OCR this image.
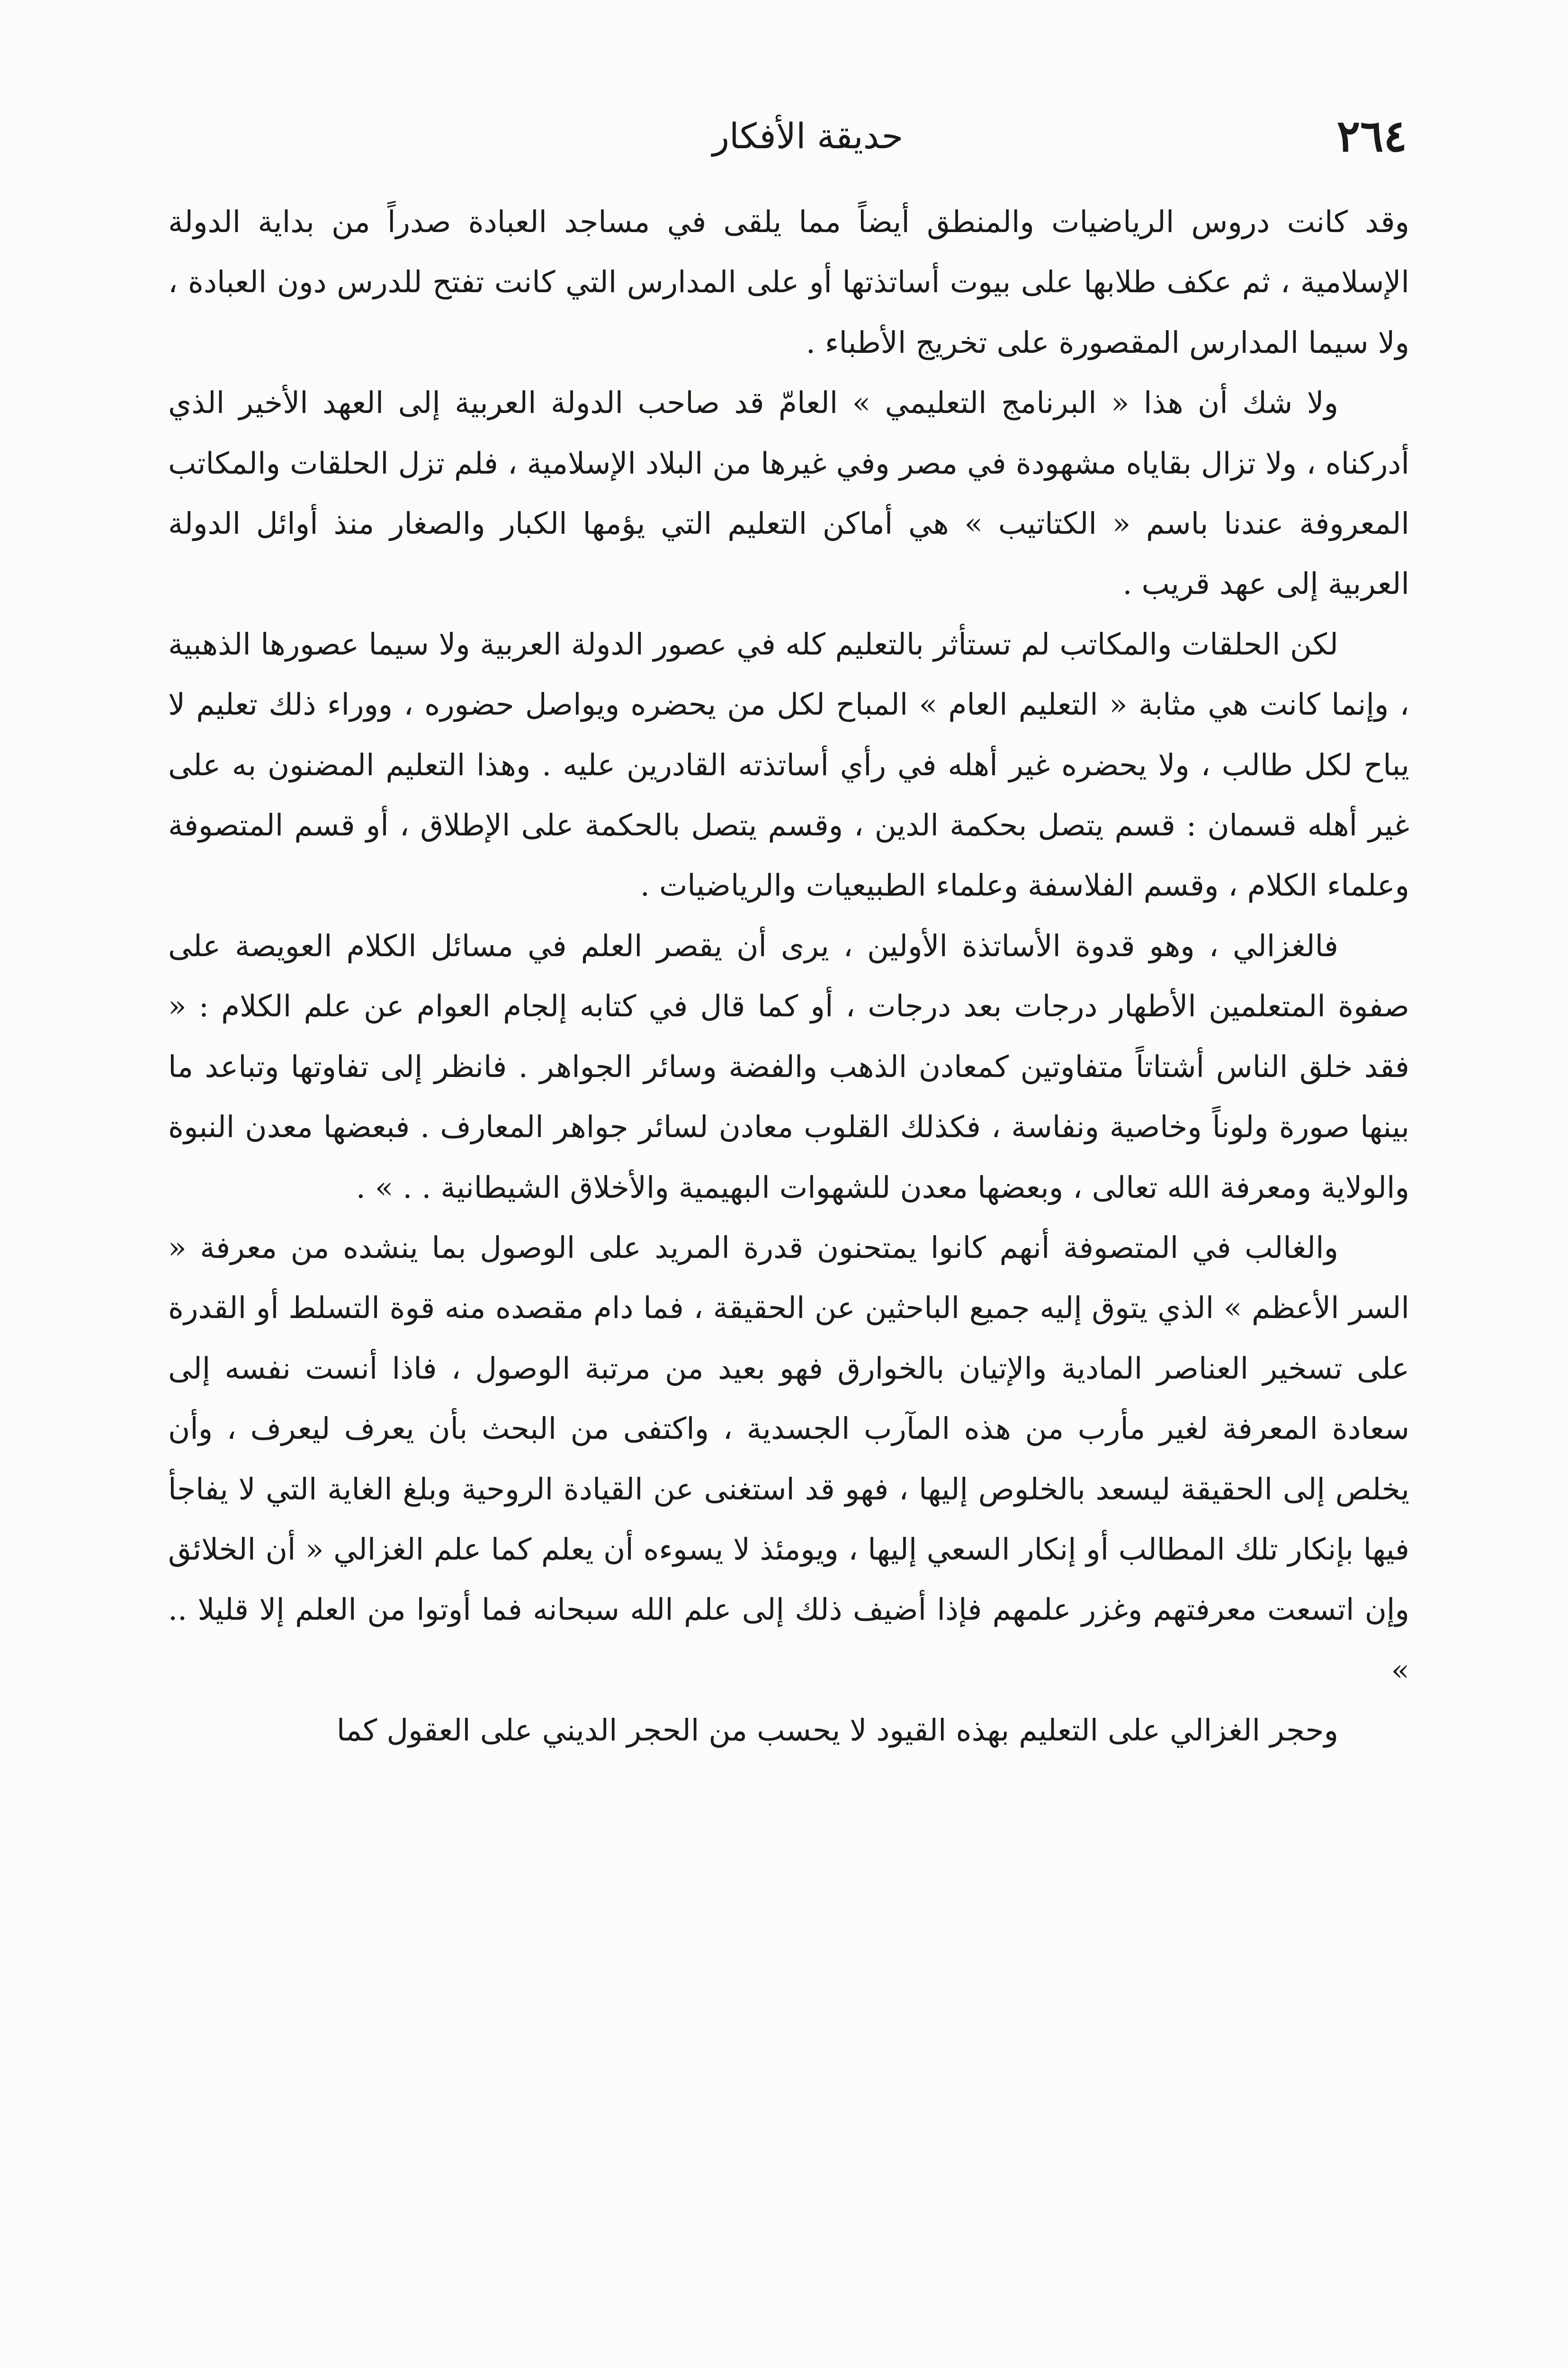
٢٦٤
حديقة الأفكار

وقد كانت دروس الرياضيات والمنطق أيضاً مما يلقى في مساجد العبادة صدراً من بداية الدولة الإسلامية ، ثم عكف طلابها على بيوت أساتذتها أو على المدارس التي كانت تفتح للدرس دون العبادة ، ولا سيما المدارس المقصورة على تخريج الأطباء .

ولا شك أن هذا « البرنامج التعليمي » العامّ قد صاحب الدولة العربية إلى العهد الأخير الذي أدركناه ، ولا تزال بقاياه مشهودة في مصر وفي غيرها من البلاد الإسلامية ، فلم تزل الحلقات والمكاتب المعروفة عندنا باسم « الكتاتيب » هي أماكن التعليم التي يؤمها الكبار والصغار منذ أوائل الدولة العربية إلى عهد قريب .

لكن الحلقات والمكاتب لم تستأثر بالتعليم كله في عصور الدولة العربية ولا سيما عصورها الذهبية ، وإنما كانت هي مثابة « التعليم العام » المباح لكل من يحضره ويواصل حضوره ، ووراء ذلك تعليم لا يباح لكل طالب ، ولا يحضره غير أهله في رأي أساتذته القادرين عليه . وهذا التعليم المضنون به على غير أهله قسمان : قسم يتصل بحكمة الدين ، وقسم يتصل بالحكمة على الإطلاق ، أو قسم المتصوفة وعلماء الكلام ، وقسم الفلاسفة وعلماء الطبيعيات والرياضيات .

فالغزالي ، وهو قدوة الأساتذة الأولين ، يرى أن يقصر العلم في مسائل الكلام العويصة على صفوة المتعلمين الأطهار درجات بعد درجات ، أو كما قال في كتابه إلجام العوام عن علم الكلام : « فقد خلق الناس أشتاتاً متفاوتين كمعادن الذهب والفضة وسائر الجواهر . فانظر إلى تفاوتها وتباعد ما بينها صورة ولوناً وخاصية ونفاسة ، فكذلك القلوب معادن لسائر جواهر المعارف . فبعضها معدن النبوة والولاية ومعرفة الله تعالى ، وبعضها معدن للشهوات البهيمية والأخلاق الشيطانية . . » .

والغالب في المتصوفة أنهم كانوا يمتحنون قدرة المريد على الوصول بما ينشده من معرفة « السر الأعظم » الذي يتوق إليه جميع الباحثين عن الحقيقة ، فما دام مقصده منه قوة التسلط أو القدرة على تسخير العناصر المادية والإتيان بالخوارق فهو بعيد من مرتبة الوصول ، فاذا أنست نفسه إلى سعادة المعرفة لغير مأرب من هذه المآرب الجسدية ، واكتفى من البحث بأن يعرف ليعرف ، وأن يخلص إلى الحقيقة ليسعد بالخلوص إليها ، فهو قد استغنى عن القيادة الروحية وبلغ الغاية التي لا يفاجأ فيها بإنكار تلك المطالب أو إنكار السعي إليها ، ويومئذ لا يسوءه أن يعلم كما علم الغزالي « أن الخلائق وإن اتسعت معرفتهم وغزر علمهم فإذا أضيف ذلك إلى علم الله سبحانه فما أوتوا من العلم إلا قليلا .. »

وحجر الغزالي على التعليم بهذه القيود لا يحسب من الحجر الديني على العقول كما
